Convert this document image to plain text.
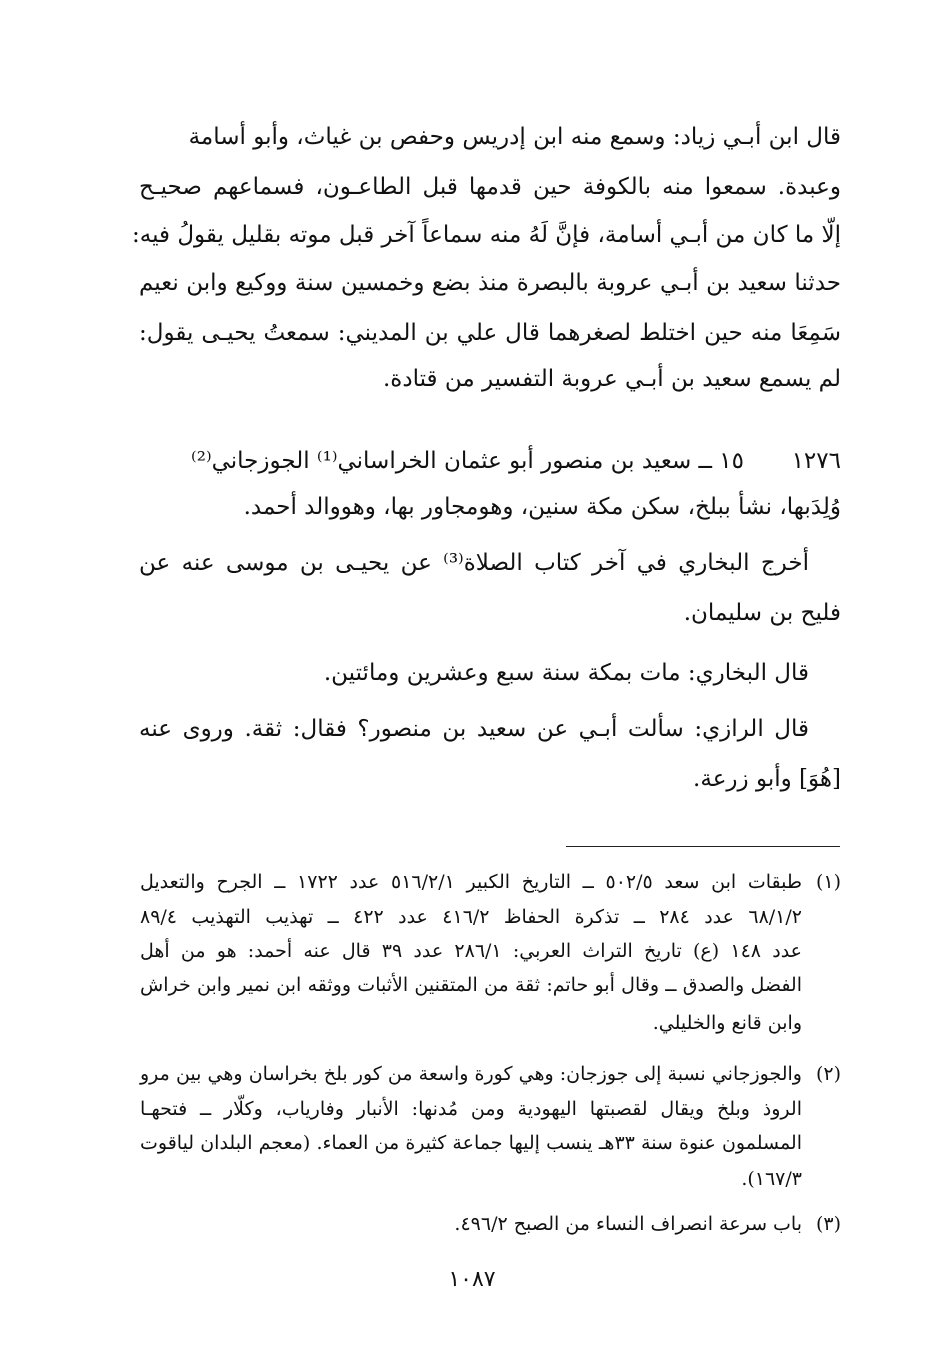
قال ابن أبـي زياد: وسمع منه ابن إدريس وحفص بن غياث، وأبو أسامة
وعبدة. سمعوا منه بالكوفة حين قدمها قبل الطاعـون، فسماعهم صحيـح
إلّا ما كان من أبـي أسامة، فإنَّ لَهُ منه سماعاً آخر قبل موته بقليل يقولُ فيه:
حدثنا سعيد بن أبـي عروبة بالبصرة منذ بضع وخمسين سنة ووكيع وابن نعيم
سَمِعَا منه حين اختلط لصغرهما قال علي بن المديني: سمعتُ يحيـى يقول:
لم يسمع سعيد بن أبـي عروبة التفسير من قتادة.
١٢٧٦
١٥
ــ سعيد بن منصور أبو عثمان الخراساني⁽¹⁾ الجوزجاني⁽²⁾
وُلِدَبها، نشأ ببلخ، سكن مكة سنين، وهومجاور بها، وهووالد أحمد.
أخرج البخاري في آخر كتاب الصلاة⁽³⁾ عن يحيـى بن موسى عنه عن
فليح بن سليمان.
قال البخاري: مات بمكة سنة سبع وعشرين ومائتين.
قال الرازي: سألت أبـي عن سعيد بن منصور؟ فقال: ثقة. وروى عنه
[هُوَ] وأبو زرعة.
(١)
طبقات ابن سعد ٥٠٢/٥ ــ التاريخ الكبير ٥١٦/٢/١ عدد ١٧٢٢ ــ الجرح والتعديل
٦٨/١/٢ عدد ٢٨٤ ــ تذكرة الحفاظ ٤١٦/٢ عدد ٤٢٢ ــ تهذيب التهذيب ٨٩/٤
عدد ١٤٨ (ع) تاريخ التراث العربي: ٢٨٦/١ عدد ٣٩ قال عنه أحمد: هو من أهل
الفضل والصدق ــ وقال أبو حاتم: ثقة من المتقنين الأثبات ووثقه ابن نمير وابن خراش
وابن قانع والخليلي.
(٢)
والجوزجاني نسبة إلى جوزجان: وهي كورة واسعة من كور بلخ بخراسان وهي بين مرو
الروذ وبلخ ويقال لقصبتها اليهودية ومن مُدنها: الأنبار وفارياب، وكلّار ــ فتحهـا
المسلمون عنوة سنة ٣٣هـ ينسب إليها جماعة كثيرة من العماء. (معجم البلدان لياقوت
١٦٧/٣).
(٣)
باب سرعة انصراف النساء من الصبح ٤٩٦/٢.
١٠٨٧
